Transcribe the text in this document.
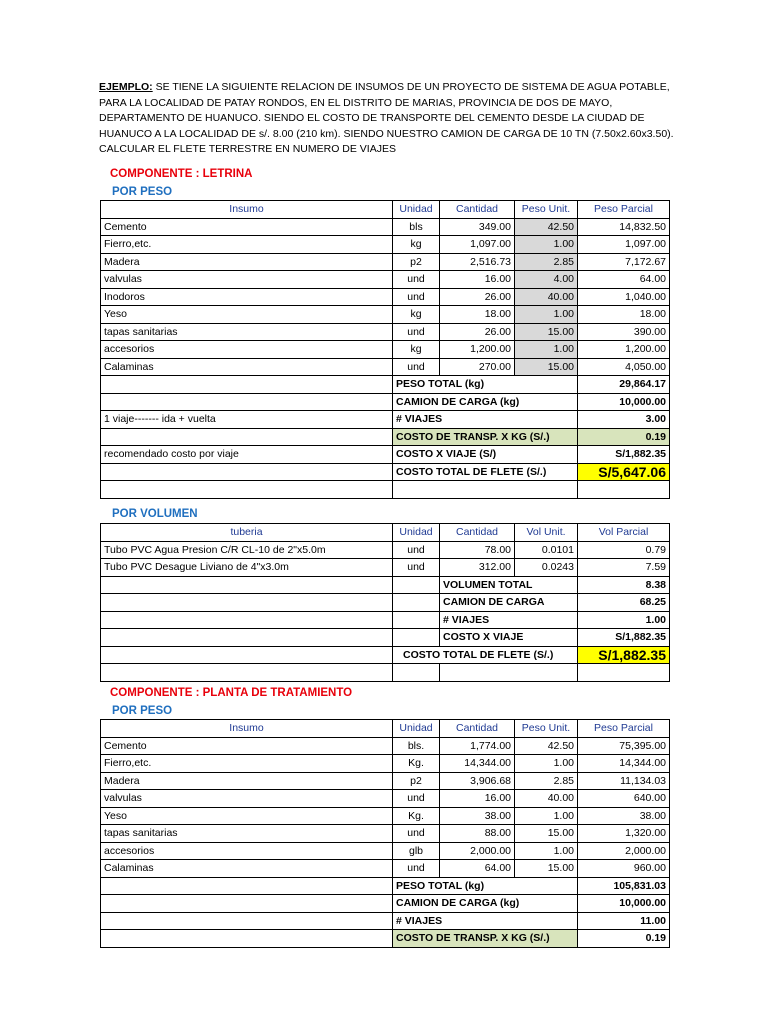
EJEMPLO: SE TIENE LA SIGUIENTE RELACION DE INSUMOS DE UN PROYECTO DE SISTEMA DE AGUA POTABLE, PARA LA LOCALIDAD DE PATAY RONDOS, EN EL DISTRITO DE MARIAS, PROVINCIA DE DOS DE MAYO, DEPARTAMENTO DE HUANUCO. SIENDO EL COSTO DE TRANSPORTE DEL CEMENTO DESDE LA CIUDAD DE HUANUCO A LA LOCALIDAD DE s/. 8.00 (210 km). SIENDO NUESTRO CAMION DE CARGA DE 10 TN (7.50x2.60x3.50). CALCULAR EL FLETE TERRESTRE EN NUMERO DE VIAJES
COMPONENTE : LETRINA
POR PESO
Insumo	Unidad	Cantidad	Peso Unit.	Peso Parcial
Cemento	bls	349.00	42.50	14,832.50
Fierro,etc.	kg	1,097.00	1.00	1,097.00
Madera	p2	2,516.73	2.85	7,172.67
valvulas	und	16.00	4.00	64.00
Inodoros	und	26.00	40.00	1,040.00
Yeso	kg	18.00	1.00	18.00
tapas sanitarias	und	26.00	15.00	390.00
accesorios	kg	1,200.00	1.00	1,200.00
Calaminas	und	270.00	15.00	4,050.00
	PESO TOTAL (kg)			29,864.17
	CAMION DE CARGA (kg)			10,000.00
1 viaje------- ida + vuelta	# VIAJES			3.00
	COSTO DE TRANSP. X KG (S/.)			0.19
recomendado costo por viaje	COSTO X VIAJE (S/)			S/1,882.35
	COSTO TOTAL DE FLETE (S/.)			S/5,647.06

POR VOLUMEN
tuberia	Unidad	Cantidad	Vol Unit.	Vol Parcial
Tubo PVC Agua Presion C/R CL-10 de 2"x5.0m	und	78.00	0.0101	0.79
Tubo PVC Desague Liviano de 4"x3.0m	und	312.00	0.0243	7.59
		VOLUMEN TOTAL		8.38
		CAMION DE CARGA		68.25
		# VIAJES		1.00
		COSTO X VIAJE		S/1,882.35
	COSTO TOTAL DE FLETE (S/.)			S/1,882.35

COMPONENTE : PLANTA DE TRATAMIENTO
POR PESO
Insumo	Unidad	Cantidad	Peso Unit.	Peso Parcial
Cemento	bls.	1,774.00	42.50	75,395.00
Fierro,etc.	Kg.	14,344.00	1.00	14,344.00
Madera	p2	3,906.68	2.85	11,134.03
valvulas	und	16.00	40.00	640.00
Yeso	Kg.	38.00	1.00	38.00
tapas sanitarias	und	88.00	15.00	1,320.00
accesorios	glb	2,000.00	1.00	2,000.00
Calaminas	und	64.00	15.00	960.00
	PESO TOTAL (kg)			105,831.03
	CAMION DE CARGA (kg)			10,000.00
	# VIAJES			11.00
	COSTO DE TRANSP. X KG (S/.)			0.19
